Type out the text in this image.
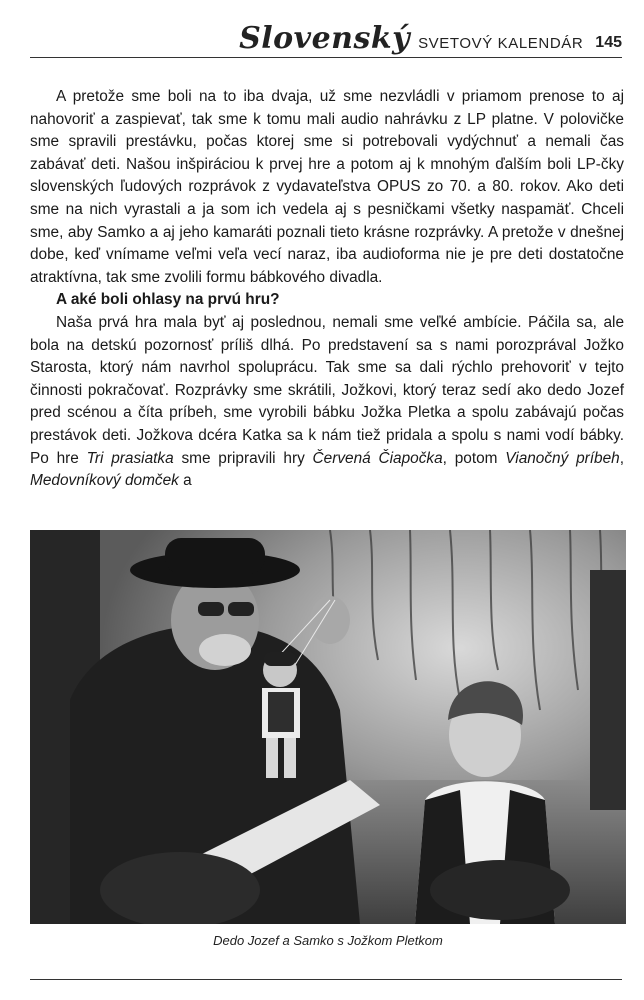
Slovenský SVETOVÝ KALENDÁR 145

A pretože sme boli na to iba dvaja, už sme nezvládli v priamom prenose to aj nahovoriť a zaspievať, tak sme k tomu mali audio nahrávku z LP platne. V polovičke sme spravili prestávku, počas ktorej sme si potrebovali vydýchnuť a nemali čas zabávať deti. Našou inšpiráciou k prvej hre a potom aj k mnohým ďalším boli LP-čky slovenských ľudových rozprávok z vydavateľstva OPUS zo 70. a 80. rokov. Ako deti sme na nich vyrastali a ja som ich vedela aj s pesničkami všetky naspamäť. Chceli sme, aby Samko a aj jeho kamaráti poznali tieto krásne rozprávky. A pretože v dnešnej dobe, keď vnímame veľmi veľa vecí naraz, iba audioforma nie je pre deti dostatočne atraktívna, tak sme zvolili formu bábkového divadla.

A aké boli ohlasy na prvú hru?

Naša prvá hra mala byť aj poslednou, nemali sme veľké ambície. Páčila sa, ale bola na detskú pozornosť príliš dlhá. Po predstavení sa s nami porozprával Jožko Starosta, ktorý nám navrhol spoluprácu. Tak sme sa dali rýchlo prehovoriť v tejto činnosti pokračovať. Rozprávky sme skrátili, Jožkovi, ktorý teraz sedí ako dedo Jozef pred scénou a číta príbeh, sme vyrobili bábku Jožka Pletka a spolu zabávajú počas prestávok deti. Jožkova dcéra Katka sa k nám tiež pridala a spolu s nami vodí bábky. Po hre Tri prasiatka sme pripravili hry Červená Čiapočka, potom Vianočný príbeh, Medovníkový domček a

Dedo Jozef a Samko s Jožkom Pletkom
